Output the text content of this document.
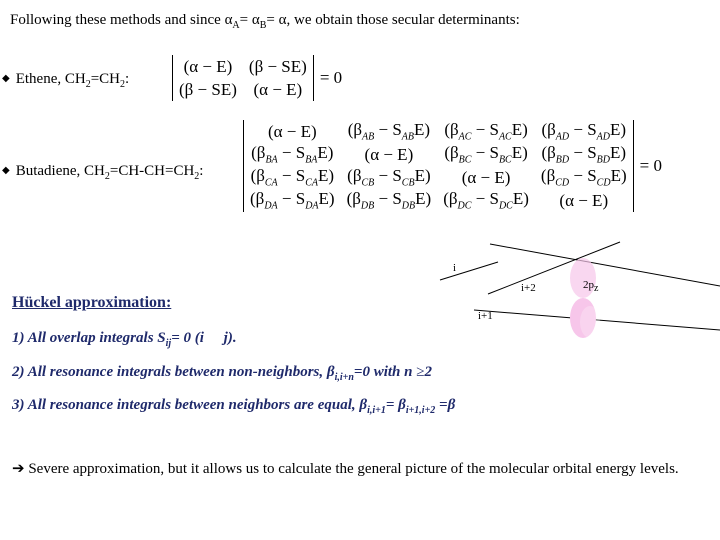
Following these methods and since $\alpha_A= \alpha_B= \alpha$, we obtain those secular determinants:
◆ Ethene, $CH_2=CH_2$:
(α − E)	(β − SE)
(β − SE)	(α − E)
= 0
◆ Butadiene, $CH_2=CH-CH=CH_2$:
(α − E)	$(\beta_{AB} - S_{AB}E)$	$(\beta_{AC} - S_{AC}E)$	$(\beta_{AD} - S_{AD}E)$
$(\beta_{BA} - S_{BA}E)$	(α − E)	$(\beta_{BC} - S_{BC}E)$	$(\beta_{BD} - S_{BD}E)$
$(\beta_{CA} - S_{CA}E)$	$(\beta_{CB} - S_{CB}E)$	(α − E)	$(\beta_{CD} - S_{CD}E)$
$(\beta_{DA} - S_{DA}E)$	$(\beta_{DB} - S_{DB}E)$	$(\beta_{DC} - S_{DC}E)$	(α − E)
= 0
i
i+2
i+1
$2p_z$
Hückel approximation:
1) All overlap integrals $S_{ij}= 0$ (i j).
2) All resonance integrals between non-neighbors, $\beta_{i,i+n}=0$ with n ≥2
3) All resonance integrals between neighbors are equal, $\beta_{i,i+1}= \beta_{i+1,i+2} =\beta$
➔ Severe approximation, but it allows us to calculate the general picture of the molecular orbital energy levels.
